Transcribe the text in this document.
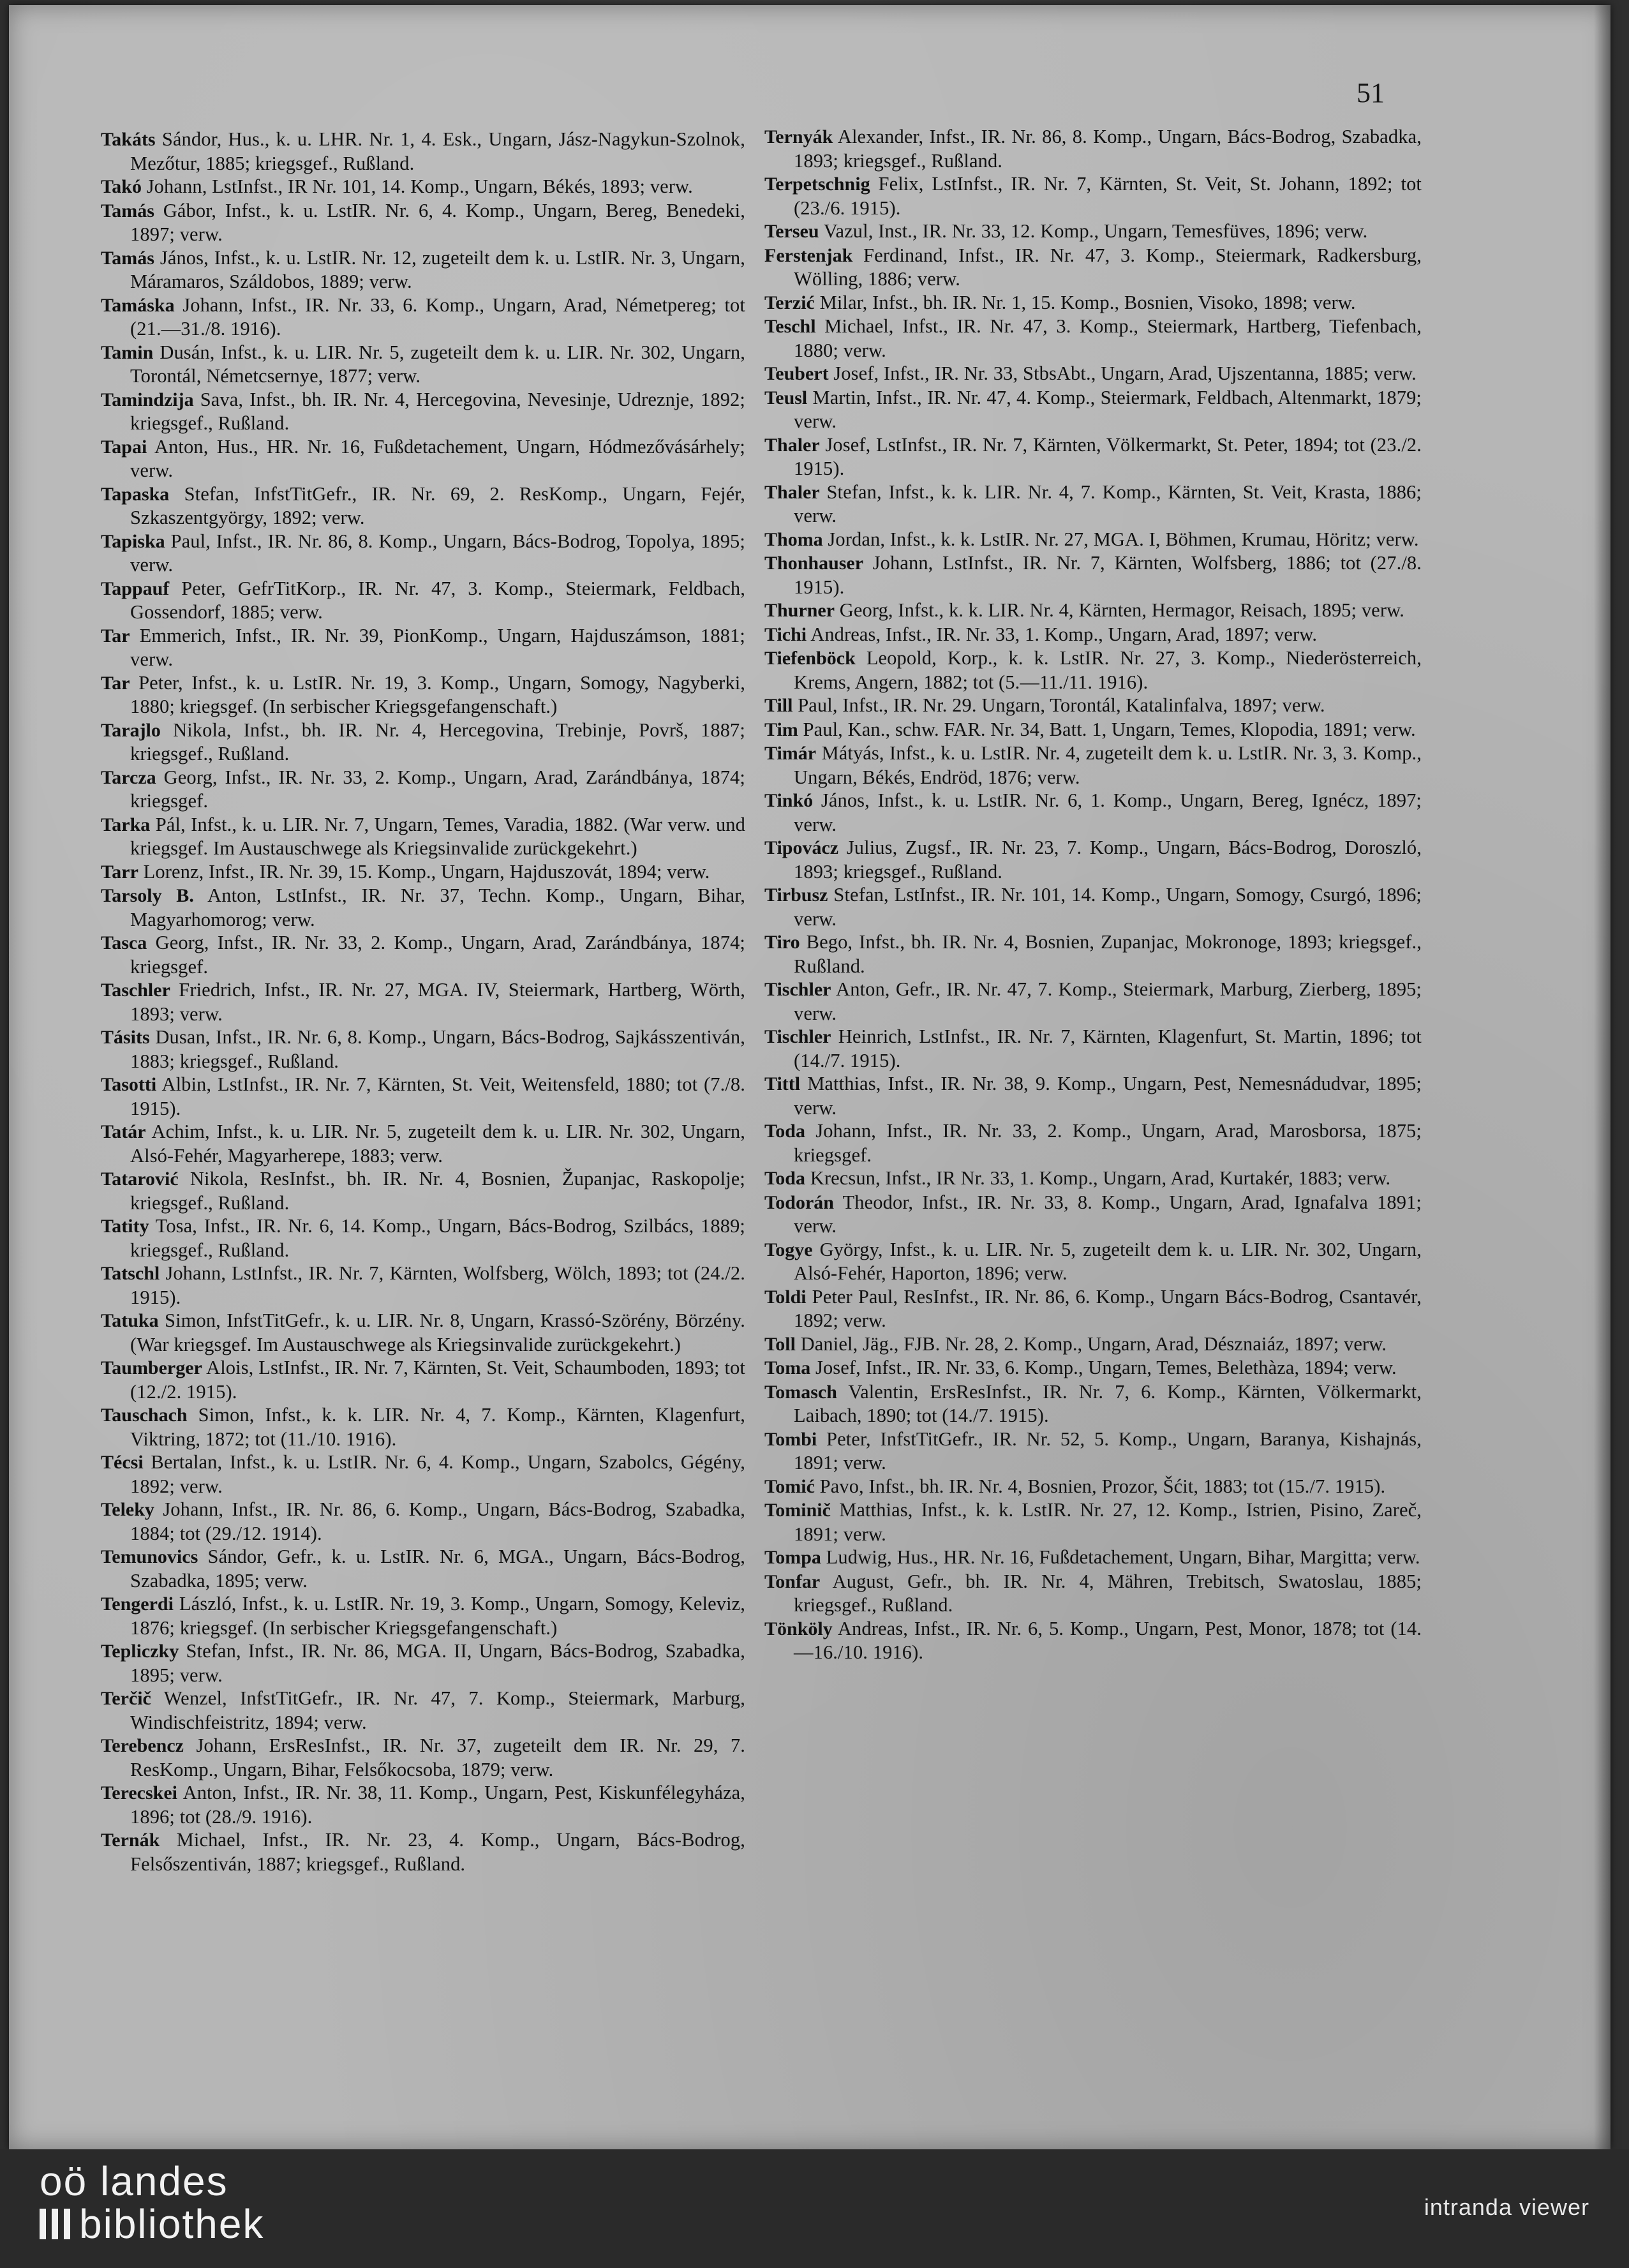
51

Takáts Sándor, Hus., k. u. LHR. Nr. 1, 4. Esk., Ungarn, Jász-Nagykun-Szolnok, Mezőtur, 1885; kriegsgef., Rußland.

Takó Johann, LstInfst., IR Nr. 101, 14. Komp., Ungarn, Békés, 1893; verw.

Tamás Gábor, Infst., k. u. LstIR. Nr. 6, 4. Komp., Ungarn, Bereg, Benedeki, 1897; verw.

Tamás János, Infst., k. u. LstIR. Nr. 12, zugeteilt dem k. u. LstIR. Nr. 3, Ungarn, Máramaros, Száldobos, 1889; verw.

Tamáska Johann, Infst., IR. Nr. 33, 6. Komp., Ungarn, Arad, Németpereg; tot (21.—31./8. 1916).

Tamin Dusán, Infst., k. u. LIR. Nr. 5, zugeteilt dem k. u. LIR. Nr. 302, Ungarn, Torontál, Németcsernye, 1877; verw.

Tamindzija Sava, Infst., bh. IR. Nr. 4, Hercegovina, Nevesinje, Udreznje, 1892; kriegsgef., Rußland.

Tapai Anton, Hus., HR. Nr. 16, Fußdetachement, Ungarn, Hódmezővásárhely; verw.

Tapaska Stefan, InfstTitGefr., IR. Nr. 69, 2. ResKomp., Ungarn, Fejér, Szkaszentgyörgy, 1892; verw.

Tapiska Paul, Infst., IR. Nr. 86, 8. Komp., Ungarn, Bács-Bodrog, Topolya, 1895; verw.

Tappauf Peter, GefrTitKorp., IR. Nr. 47, 3. Komp., Steiermark, Feldbach, Gossendorf, 1885; verw.

Tar Emmerich, Infst., IR. Nr. 39, PionKomp., Ungarn, Hajduszámson, 1881; verw.

Tar Peter, Infst., k. u. LstIR. Nr. 19, 3. Komp., Ungarn, Somogy, Nagyberki, 1880; kriegsgef. (In serbischer Kriegsgefangenschaft.)

Tarajlo Nikola, Infst., bh. IR. Nr. 4, Hercegovina, Trebinje, Površ, 1887; kriegsgef., Rußland.

Tarcza Georg, Infst., IR. Nr. 33, 2. Komp., Ungarn, Arad, Zarándbánya, 1874; kriegsgef.

Tarka Pál, Infst., k. u. LIR. Nr. 7, Ungarn, Temes, Varadia, 1882. (War verw. und kriegsgef. Im Austauschwege als Kriegsinvalide zurückgekehrt.)

Tarr Lorenz, Infst., IR. Nr. 39, 15. Komp., Ungarn, Hajduszovát, 1894; verw.

Tarsoly B. Anton, LstInfst., IR. Nr. 37, Techn. Komp., Ungarn, Bihar, Magyarhomorog; verw.

Tasca Georg, Infst., IR. Nr. 33, 2. Komp., Ungarn, Arad, Zarándbánya, 1874; kriegsgef.

Taschler Friedrich, Infst., IR. Nr. 27, MGA. IV, Steiermark, Hartberg, Wörth, 1893; verw.

Tásits Dusan, Infst., IR. Nr. 6, 8. Komp., Ungarn, Bács-Bodrog, Sajkásszentiván, 1883; kriegsgef., Rußland.

Tasotti Albin, LstInfst., IR. Nr. 7, Kärnten, St. Veit, Weitensfeld, 1880; tot (7./8. 1915).

Tatár Achim, Infst., k. u. LIR. Nr. 5, zugeteilt dem k. u. LIR. Nr. 302, Ungarn, Alsó-Fehér, Magyarherepe, 1883; verw.

Tatarović Nikola, ResInfst., bh. IR. Nr. 4, Bosnien, Županjac, Raskopolje; kriegsgef., Rußland.

Tatity Tosa, Infst., IR. Nr. 6, 14. Komp., Ungarn, Bács-Bodrog, Szilbács, 1889; kriegsgef., Rußland.

Tatschl Johann, LstInfst., IR. Nr. 7, Kärnten, Wolfsberg, Wölch, 1893; tot (24./2. 1915).

Tatuka Simon, InfstTitGefr., k. u. LIR. Nr. 8, Ungarn, Krassó-Szörény, Börzény. (War kriegsgef. Im Austauschwege als Kriegsinvalide zurückgekehrt.)

Taumberger Alois, LstInfst., IR. Nr. 7, Kärnten, St. Veit, Schaumboden, 1893; tot (12./2. 1915).

Tauschach Simon, Infst., k. k. LIR. Nr. 4, 7. Komp., Kärnten, Klagenfurt, Viktring, 1872; tot (11./10. 1916).

Técsi Bertalan, Infst., k. u. LstIR. Nr. 6, 4. Komp., Ungarn, Szabolcs, Gégény, 1892; verw.

Teleky Johann, Infst., IR. Nr. 86, 6. Komp., Ungarn, Bács-Bodrog, Szabadka, 1884; tot (29./12. 1914).

Temunovics Sándor, Gefr., k. u. LstIR. Nr. 6, MGA., Ungarn, Bács-Bodrog, Szabadka, 1895; verw.

Tengerdi László, Infst., k. u. LstIR. Nr. 19, 3. Komp., Ungarn, Somogy, Keleviz, 1876; kriegsgef. (In serbischer Kriegsgefangenschaft.)

Tepliczky Stefan, Infst., IR. Nr. 86, MGA. II, Ungarn, Bács-Bodrog, Szabadka, 1895; verw.

Terčič Wenzel, InfstTitGefr., IR. Nr. 47, 7. Komp., Steiermark, Marburg, Windischfeistritz, 1894; verw.

Terebencz Johann, ErsResInfst., IR. Nr. 37, zugeteilt dem IR. Nr. 29, 7. ResKomp., Ungarn, Bihar, Felsőkocsoba, 1879; verw.

Terecskei Anton, Infst., IR. Nr. 38, 11. Komp., Ungarn, Pest, Kiskunfélegyháza, 1896; tot (28./9. 1916).

Ternák Michael, Infst., IR. Nr. 23, 4. Komp., Ungarn, Bács-Bodrog, Felsőszentiván, 1887; kriegsgef., Rußland.

Ternyák Alexander, Infst., IR. Nr. 86, 8. Komp., Ungarn, Bács-Bodrog, Szabadka, 1893; kriegsgef., Rußland.

Terpetschnig Felix, LstInfst., IR. Nr. 7, Kärnten, St. Veit, St. Johann, 1892; tot (23./6. 1915).

Terseu Vazul, Inst., IR. Nr. 33, 12. Komp., Ungarn, Temesfüves, 1896; verw.

Ferstenjak Ferdinand, Infst., IR. Nr. 47, 3. Komp., Steiermark, Radkersburg, Wölling, 1886; verw.

Terzić Milar, Infst., bh. IR. Nr. 1, 15. Komp., Bosnien, Visoko, 1898; verw.

Teschl Michael, Infst., IR. Nr. 47, 3. Komp., Steiermark, Hartberg, Tiefenbach, 1880; verw.

Teubert Josef, Infst., IR. Nr. 33, StbsAbt., Ungarn, Arad, Ujszentanna, 1885; verw.

Teusl Martin, Infst., IR. Nr. 47, 4. Komp., Steiermark, Feldbach, Altenmarkt, 1879; verw.

Thaler Josef, LstInfst., IR. Nr. 7, Kärnten, Völkermarkt, St. Peter, 1894; tot (23./2. 1915).

Thaler Stefan, Infst., k. k. LIR. Nr. 4, 7. Komp., Kärnten, St. Veit, Krasta, 1886; verw.

Thoma Jordan, Infst., k. k. LstIR. Nr. 27, MGA. I, Böhmen, Krumau, Höritz; verw.

Thonhauser Johann, LstInfst., IR. Nr. 7, Kärnten, Wolfsberg, 1886; tot (27./8. 1915).

Thurner Georg, Infst., k. k. LIR. Nr. 4, Kärnten, Hermagor, Reisach, 1895; verw.

Tichi Andreas, Infst., IR. Nr. 33, 1. Komp., Ungarn, Arad, 1897; verw.

Tiefenböck Leopold, Korp., k. k. LstIR. Nr. 27, 3. Komp., Niederösterreich, Krems, Angern, 1882; tot (5.—11./11. 1916).

Till Paul, Infst., IR. Nr. 29. Ungarn, Torontál, Katalinfalva, 1897; verw.

Tim Paul, Kan., schw. FAR. Nr. 34, Batt. 1, Ungarn, Temes, Klopodia, 1891; verw.

Timár Mátyás, Infst., k. u. LstIR. Nr. 4, zugeteilt dem k. u. LstIR. Nr. 3, 3. Komp., Ungarn, Békés, Endröd, 1876; verw.

Tinkó János, Infst., k. u. LstIR. Nr. 6, 1. Komp., Ungarn, Bereg, Ignécz, 1897; verw.

Tipovácz Julius, Zugsf., IR. Nr. 23, 7. Komp., Ungarn, Bács-Bodrog, Doroszló, 1893; kriegsgef., Rußland.

Tirbusz Stefan, LstInfst., IR. Nr. 101, 14. Komp., Ungarn, Somogy, Csurgó, 1896; verw.

Tiro Bego, Infst., bh. IR. Nr. 4, Bosnien, Zupanjac, Mokronoge, 1893; kriegsgef., Rußland.

Tischler Anton, Gefr., IR. Nr. 47, 7. Komp., Steiermark, Marburg, Zierberg, 1895; verw.

Tischler Heinrich, LstInfst., IR. Nr. 7, Kärnten, Klagenfurt, St. Martin, 1896; tot (14./7. 1915).

Tittl Matthias, Infst., IR. Nr. 38, 9. Komp., Ungarn, Pest, Nemesnádudvar, 1895; verw.

Toda Johann, Infst., IR. Nr. 33, 2. Komp., Ungarn, Arad, Marosborsa, 1875; kriegsgef.

Toda Krecsun, Infst., IR Nr. 33, 1. Komp., Ungarn, Arad, Kurtakér, 1883; verw.

Todorán Theodor, Infst., IR. Nr. 33, 8. Komp., Ungarn, Arad, Ignafalva 1891; verw.

Togye György, Infst., k. u. LIR. Nr. 5, zugeteilt dem k. u. LIR. Nr. 302, Ungarn, Alsó-Fehér, Haporton, 1896; verw.

Toldi Peter Paul, ResInfst., IR. Nr. 86, 6. Komp., Ungarn Bács-Bodrog, Csantavér, 1892; verw.

Toll Daniel, Jäg., FJB. Nr. 28, 2. Komp., Ungarn, Arad, Désznaiáz, 1897; verw.

Toma Josef, Infst., IR. Nr. 33, 6. Komp., Ungarn, Temes, Belethàza, 1894; verw.

Tomasch Valentin, ErsResInfst., IR. Nr. 7, 6. Komp., Kärnten, Völkermarkt, Laibach, 1890; tot (14./7. 1915).

Tombi Peter, InfstTitGefr., IR. Nr. 52, 5. Komp., Ungarn, Baranya, Kishajnás, 1891; verw.

Tomić Pavo, Infst., bh. IR. Nr. 4, Bosnien, Prozor, Šćit, 1883; tot (15./7. 1915).

Tominič Matthias, Infst., k. k. LstIR. Nr. 27, 12. Komp., Istrien, Pisino, Zareč, 1891; verw.

Tompa Ludwig, Hus., HR. Nr. 16, Fußdetachement, Ungarn, Bihar, Margitta; verw.

Tonfar August, Gefr., bh. IR. Nr. 4, Mähren, Trebitsch, Swatoslau, 1885; kriegsgef., Rußland.

Tönköly Andreas, Infst., IR. Nr. 6, 5. Komp., Ungarn, Pest, Monor, 1878; tot (14.—16./10. 1916).

oö landes
bibliothek	intranda viewer
